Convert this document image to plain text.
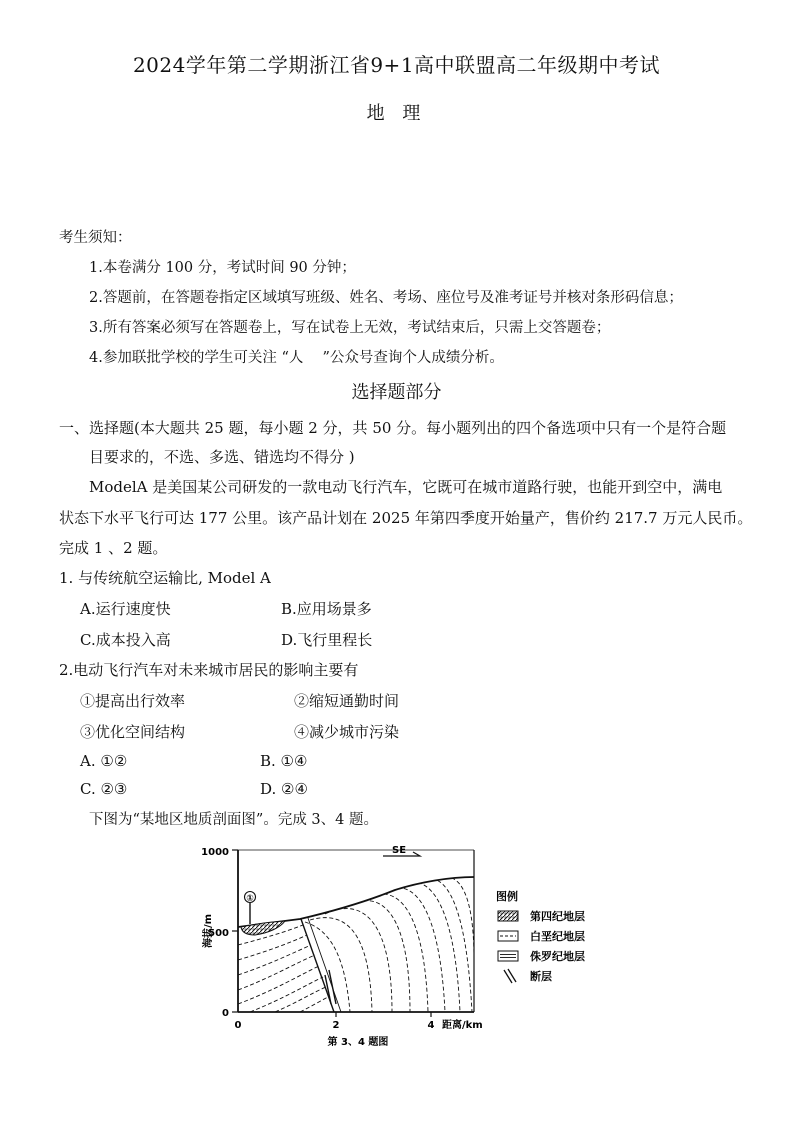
2024学年第二学期浙江省9+1高中联盟高二年级期中考试
地 理
考生须知：
1.本卷满分 100 分，考试时间 90 分钟；
2.答题前，在答题卷指定区域填写班级、姓名、考场、座位号及准考证号并核对条形码信息；
3.所有答案必须写在答题卷上，写在试卷上无效，考试结束后，只需上交答题卷；
4.参加联批学校的学生可关注 “人　 ”公众号查询个人成绩分析。
选择题部分
一、选择题(本大题共 25 题，每小题 2 分，共 50 分。每小题列出的四个备选项中只有一个是符合题
目要求的，不选、多选、错选均不得分 )
ModelA 是美国某公司研发的一款电动飞行汽车，它既可在城市道路行驶，也能开到空中，满电
状态下水平飞行可达 177 公里。该产品计划在 2025 年第四季度开始量产，售价约 217.7 万元人民币。
完成 1 、2 题。
1. 与传统航空运输比, Model A
A.运行速度快	B.应用场景多
C.成本投入高	D.飞行里程长
2.电动飞行汽车对未来城市居民的影响主要有
①提高出行效率	②缩短通勤时间
③优化空间结构	④减少城市污染
A. ①②	B. ①④
C. ②③	D. ②④
下图为“某地区地质剖面图”。完成 3、4 题。
1000
500
0
0	2	4 距离/km
海拔/m
SE
①	图例
第四纪地层
白垩纪地层
侏罗纪地层
断层
第 3、4 题图
